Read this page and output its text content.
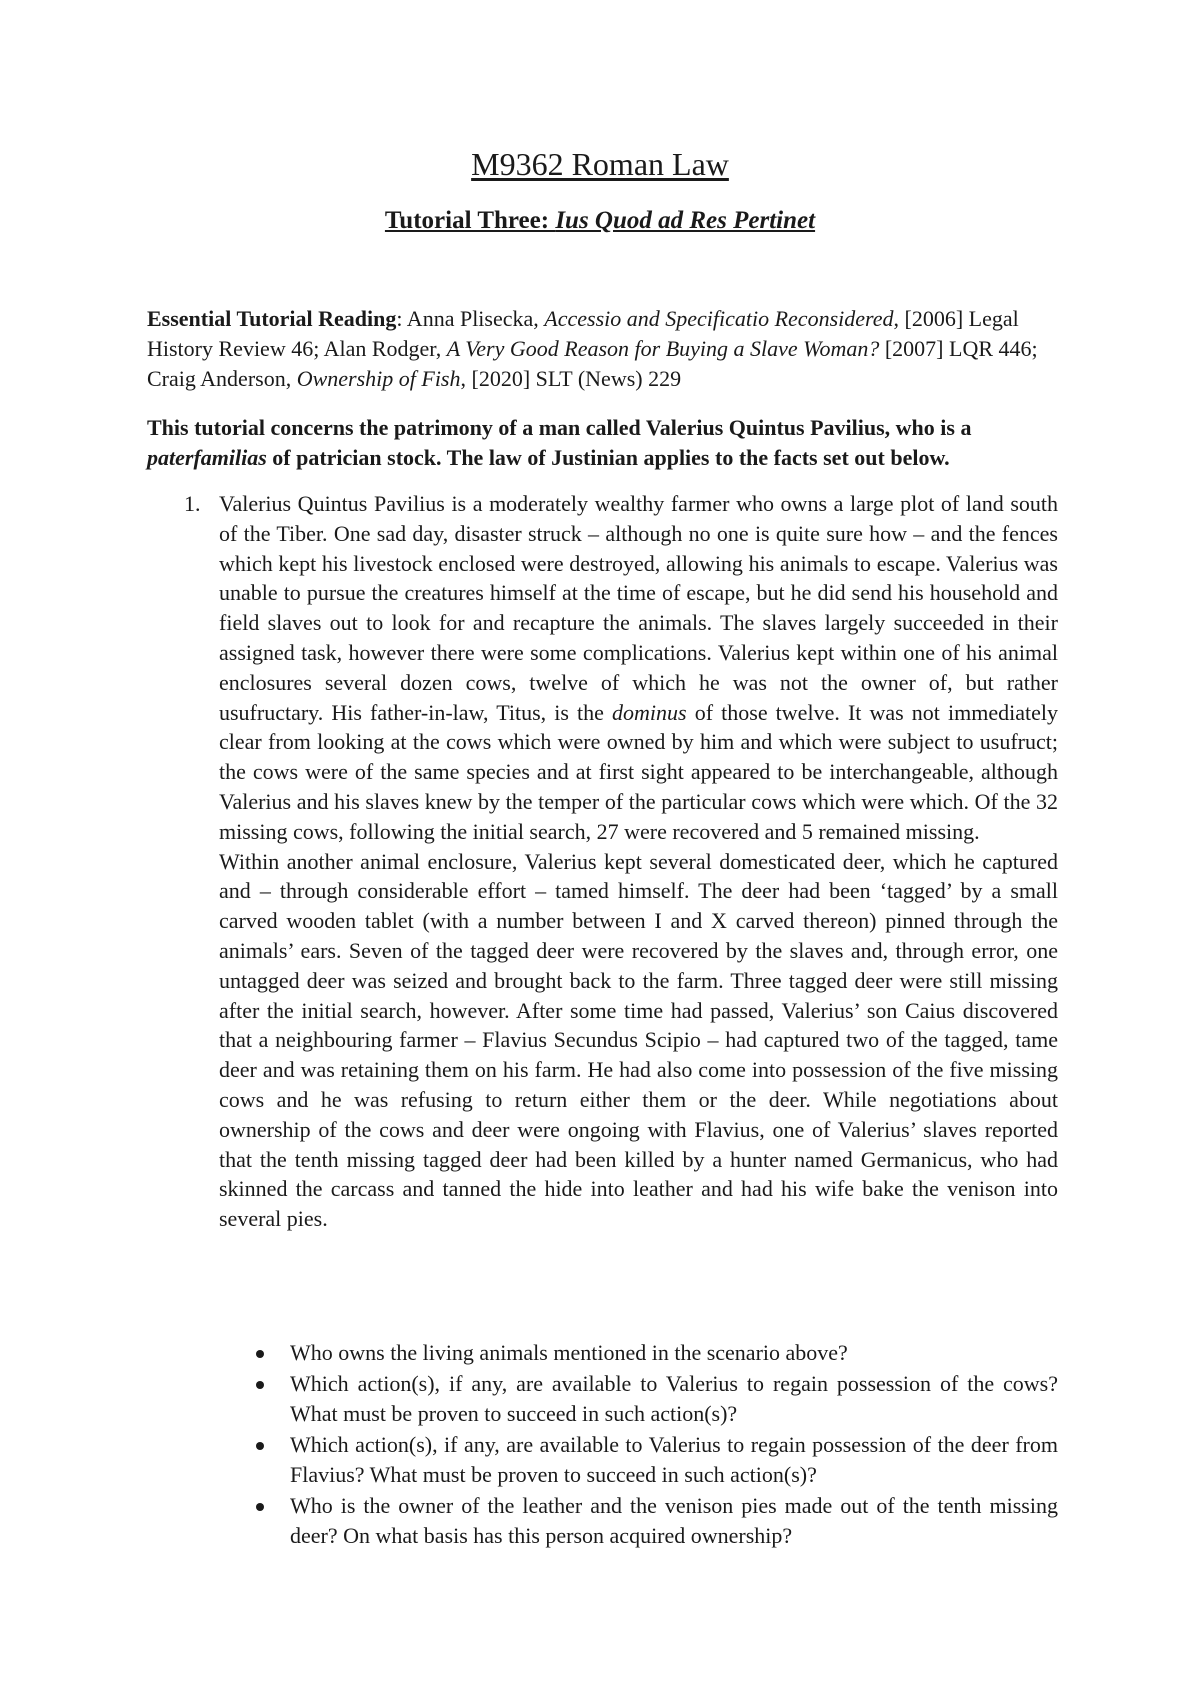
M9362 Roman Law
Tutorial Three: Ius Quod ad Res Pertinet
Essential Tutorial Reading: Anna Plisecka, Accessio and Specificatio Reconsidered, [2006] Legal History Review 46; Alan Rodger, A Very Good Reason for Buying a Slave Woman? [2007] LQR 446; Craig Anderson, Ownership of Fish, [2020] SLT (News) 229
This tutorial concerns the patrimony of a man called Valerius Quintus Pavilius, who is a paterfamilias of patrician stock. The law of Justinian applies to the facts set out below.
1. Valerius Quintus Pavilius is a moderately wealthy farmer who owns a large plot of land south of the Tiber. One sad day, disaster struck – although no one is quite sure how – and the fences which kept his livestock enclosed were destroyed, allowing his animals to escape. Valerius was unable to pursue the creatures himself at the time of escape, but he did send his household and field slaves out to look for and recapture the animals. The slaves largely succeeded in their assigned task, however there were some complications. Valerius kept within one of his animal enclosures several dozen cows, twelve of which he was not the owner of, but rather usufructary. His father-in-law, Titus, is the dominus of those twelve. It was not immediately clear from looking at the cows which were owned by him and which were subject to usufruct; the cows were of the same species and at first sight appeared to be interchangeable, although Valerius and his slaves knew by the temper of the particular cows which were which. Of the 32 missing cows, following the initial search, 27 were recovered and 5 remained missing.

Within another animal enclosure, Valerius kept several domesticated deer, which he captured and – through considerable effort – tamed himself. The deer had been ‘tagged’ by a small carved wooden tablet (with a number between I and X carved thereon) pinned through the animals’ ears. Seven of the tagged deer were recovered by the slaves and, through error, one untagged deer was seized and brought back to the farm. Three tagged deer were still missing after the initial search, however. After some time had passed, Valerius’ son Caius discovered that a neighbouring farmer – Flavius Secundus Scipio – had captured two of the tagged, tame deer and was retaining them on his farm. He had also come into possession of the five missing cows and he was refusing to return either them or the deer. While negotiations about ownership of the cows and deer were ongoing with Flavius, one of Valerius’ slaves reported that the tenth missing tagged deer had been killed by a hunter named Germanicus, who had skinned the carcass and tanned the hide into leather and had his wife bake the venison into several pies.

Who owns the living animals mentioned in the scenario above?
Which action(s), if any, are available to Valerius to regain possession of the cows? What must be proven to succeed in such action(s)?
Which action(s), if any, are available to Valerius to regain possession of the deer from Flavius? What must be proven to succeed in such action(s)?
Who is the owner of the leather and the venison pies made out of the tenth missing deer? On what basis has this person acquired ownership?
